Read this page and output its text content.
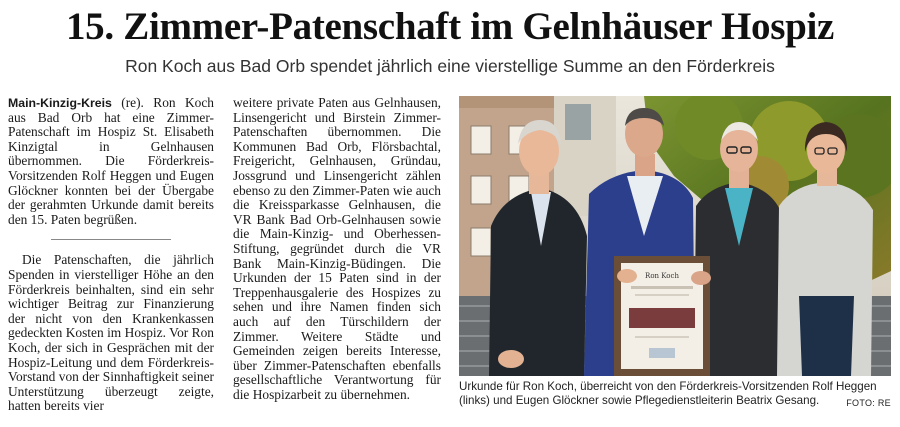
15. Zimmer-Patenschaft im Gelnhäuser Hospiz
Ron Koch aus Bad Orb spendet jährlich eine vierstellige Summe an den Förderkreis

Main-Kinzig-Kreis (re). Ron Koch aus Bad Orb hat eine Zimmer-Patenschaft im Hospiz St. Elisabeth Kinzigtal in Gelnhausen übernommen. Die Förderkreis-Vorsitzenden Rolf Heggen und Eugen Glöckner konnten bei der Übergabe der gerahmten Urkunde damit bereits den 15. Paten begrüßen.

Die Patenschaften, die jährlich Spenden in vierstelliger Höhe an den Förderkreis beinhalten, sind ein sehr wichtiger Beitrag zur Finanzierung der nicht von den Krankenkassen gedeckten Kosten im Hospiz. Vor Ron Koch, der sich in Gesprächen mit der Hospiz-Leitung und dem Förderkreis-Vorstand von der Sinnhaftigkeit seiner Unterstützung überzeugt zeigte, hatten bereits vier

weitere private Paten aus Gelnhausen, Linsengericht und Birstein Zimmer-Patenschaften übernommen. Die Kommunen Bad Orb, Flörsbachtal, Freigericht, Gelnhausen, Gründau, Jossgrund und Linsengericht zählen ebenso zu den Zimmer-Paten wie auch die Kreissparkasse Gelnhausen, die VR Bank Bad Orb-Gelnhausen sowie die Main-Kinzig- und Oberhessen-Stiftung, gegründet durch die VR Bank Main-Kinzig-Büdingen. Die Urkunden der 15 Paten sind in der Treppenhausgalerie des Hospizes zu sehen und ihre Namen finden sich auch auf den Türschildern der Zimmer. Weitere Städte und Gemeinden zeigen bereits Interesse, über Zimmer-Patenschaften ebenfalls gesellschaftliche Verantwortung für die Hospizarbeit zu übernehmen.

Ron Koch
Urkunde für Ron Koch, überreicht von den Förderkreis-Vorsitzenden Rolf Heggen (links) und Eugen Glöckner sowie Pflegedienstleiterin Beatrix Gesang.	FOTO: RE
